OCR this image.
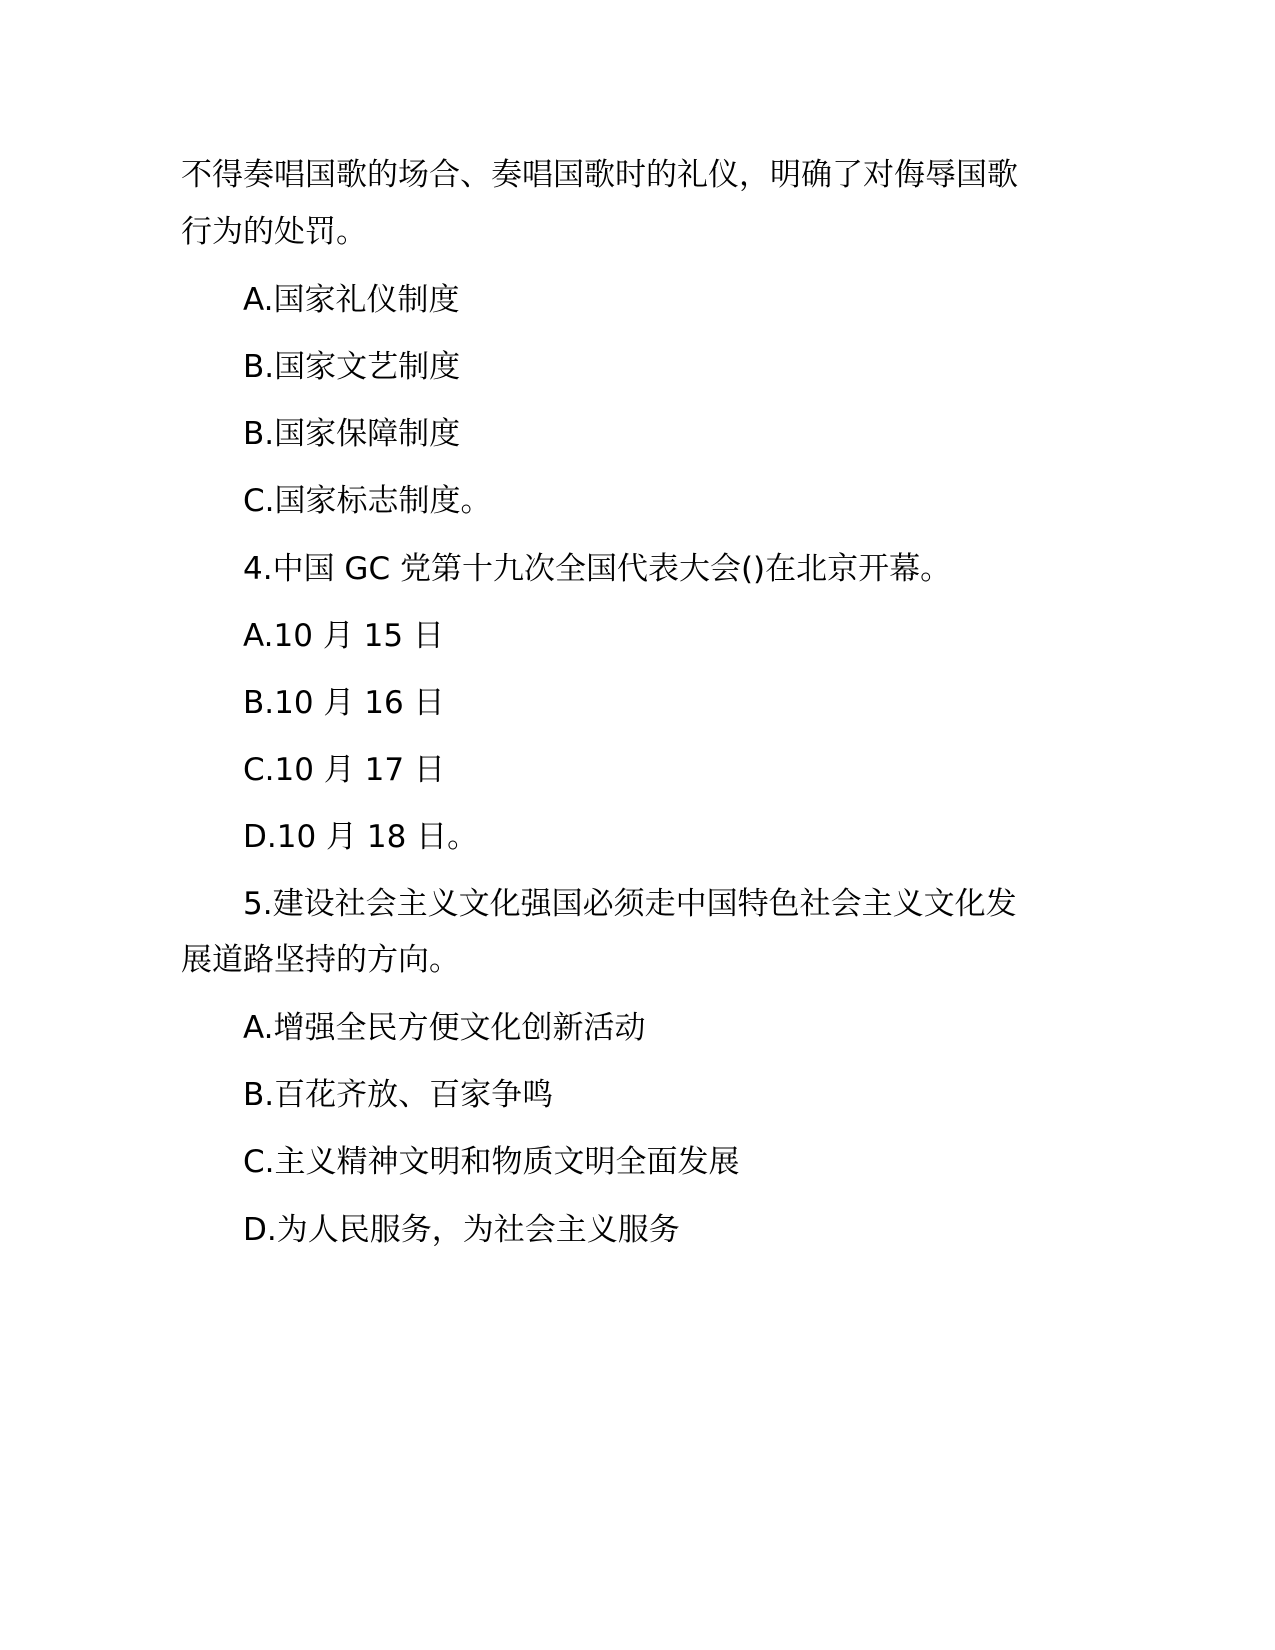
不得奏唱国歌的场合、奏唱国歌时的礼仪，明确了对侮辱国歌
行为的处罚。
A.国家礼仪制度
B.国家文艺制度
B.国家保障制度
C.国家标志制度。
4.中国 GC 党第十九次全国代表大会()在北京开幕。
A.10 月 15 日
B.10 月 16 日
C.10 月 17 日
D.10 月 18 日。
5.建设社会主义文化强国必须走中国特色社会主义文化发
展道路坚持的方向。
A.增强全民方便文化创新活动
B.百花齐放、百家争鸣
C.主义精神文明和物质文明全面发展
D.为人民服务，为社会主义服务
